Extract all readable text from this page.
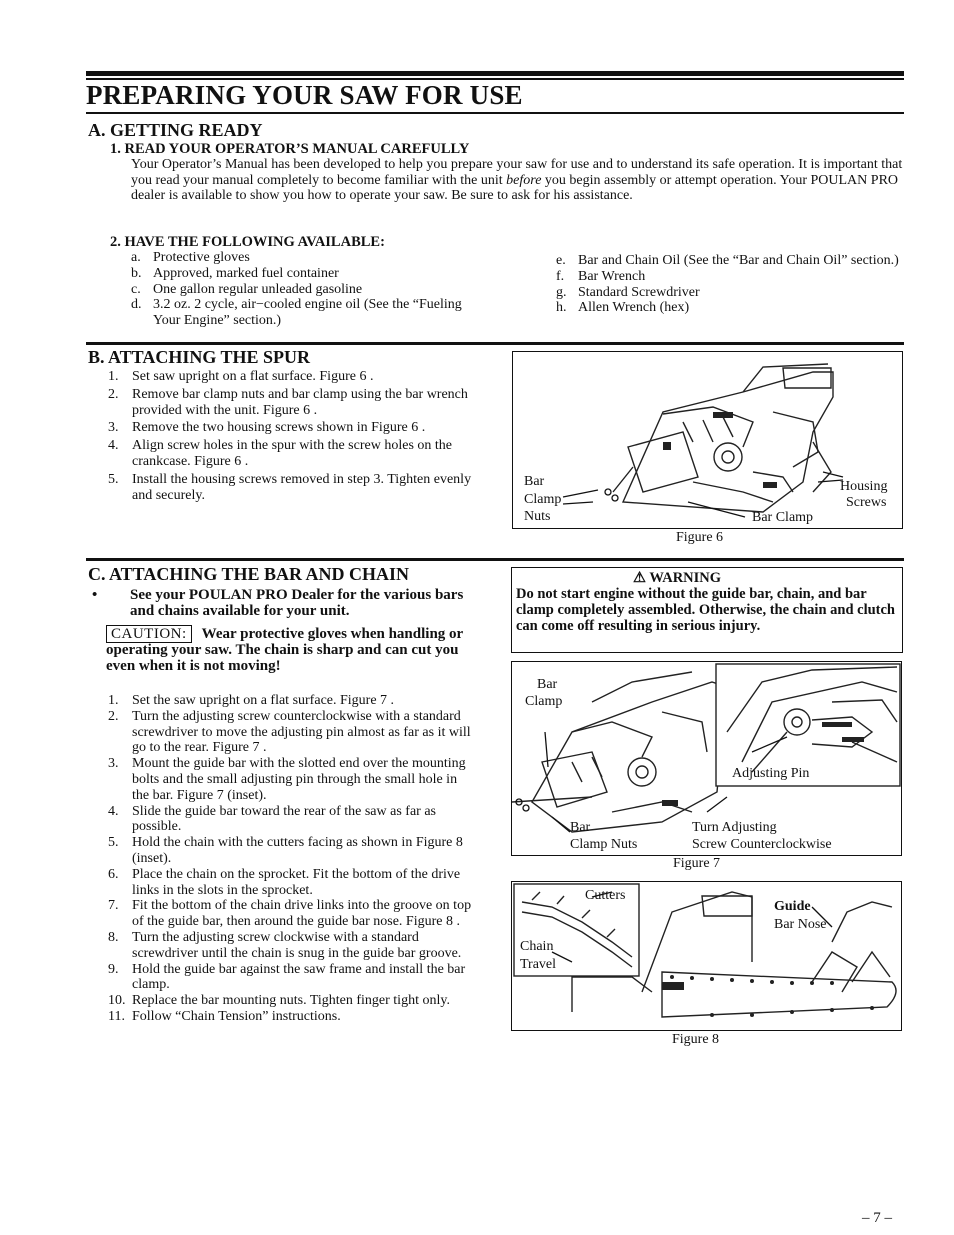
PREPARING YOUR SAW FOR USE
A. GETTING READY
1. READ YOUR OPERATOR’S MANUAL CAREFULLY
Your Operator’s Manual has been developed to help you prepare your saw for use and to understand its safe operation. It is important that you read your manual completely to become familiar with the unit before you begin assembly or attempt operation. Your POULAN PRO dealer is available to show you how to operate your saw. Be sure to ask for his assistance.
2. HAVE THE FOLLOWING AVAILABLE:
a. Protective gloves
b. Approved, marked fuel container
c. One gallon regular unleaded gasoline
d. 3.2 oz. 2 cycle, air−cooled engine oil (See the “Fueling Your Engine” section.)
e. Bar and Chain Oil (See the “Bar and Chain Oil” section.)
f. Bar Wrench
g. Standard Screwdriver
h. Allen Wrench (hex)
B. ATTACHING THE SPUR
1. Set saw upright on a flat surface. Figure 6 .
2. Remove bar clamp nuts and bar clamp using the bar wrench provided with the unit. Figure 6 .
3. Remove the two housing screws shown in Figure 6 .
4. Align screw holes in the spur with the screw holes on the crankcase. Figure 6 .
5. Install the housing screws removed in step 3. Tighten evenly and securely.
Bar
Clamp
Nuts	Bar Clamp
Housing
Screws
Figure 6
C. ATTACHING THE BAR AND CHAIN
•	See your POULAN PRO Dealer for the various bars and chains available for your unit.
CAUTION: Wear protective gloves when handling or operating your saw. The chain is sharp and can cut you even when it is not moving!
1. Set the saw upright on a flat surface. Figure 7 .
2. Turn the adjusting screw counterclockwise with a standard screwdriver to move the adjusting pin almost as far as it will go to the rear. Figure 7 .
3. Mount the guide bar with the slotted end over the mounting bolts and the small adjusting pin through the small hole in the bar. Figure 7 (inset).
4. Slide the guide bar toward the rear of the saw as far as possible.
5. Hold the chain with the cutters facing as shown in Figure 8 (inset).
6. Place the chain on the sprocket. Fit the bottom of the drive links in the slots in the sprocket.
7. Fit the bottom of the chain drive links into the groove on top of the guide bar, then around the guide bar nose. Figure 8 .
8. Turn the adjusting screw clockwise with a standard screwdriver until the chain is snug in the guide bar groove.
9. Hold the guide bar against the saw frame and install the bar clamp.
10. Replace the bar mounting nuts. Tighten finger tight only.
11. Follow “Chain Tension” instructions.
⚠ WARNING
Do not start engine without the guide bar, chain, and bar clamp completely assembled. Otherwise, the chain and clutch can come off resulting in serious injury.
Bar
Clamp
Adjusting Pin
Bar
Clamp Nuts
Turn Adjusting
Screw Counterclockwise
Figure 7
Cutters
Chain
Travel
Guide
Bar Nose
Figure 8
– 7 –
